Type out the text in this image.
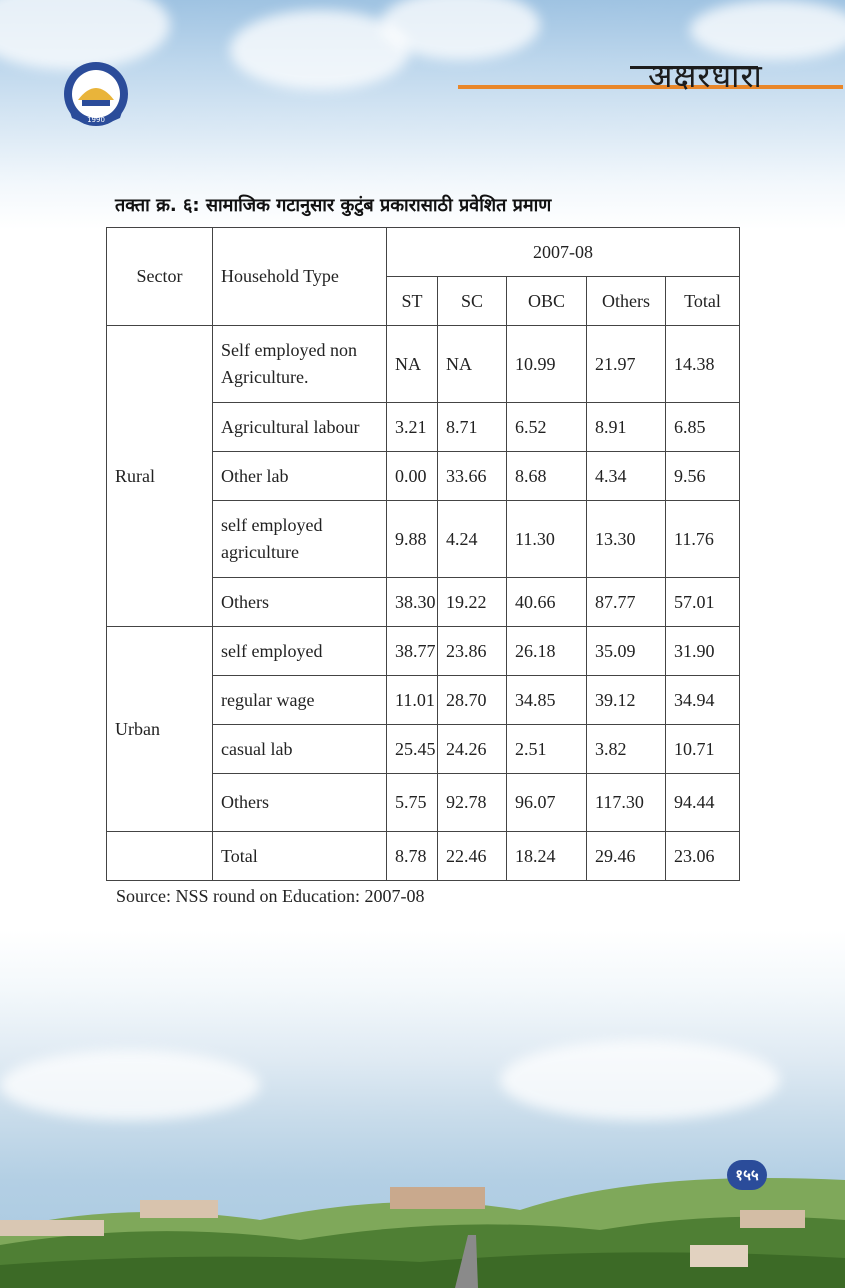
1990
अक्षरधारा
तक्ता क्र. ६: सामाजिक गटानुसार कुटुंब प्रकारासाठी प्रवेशित प्रमाण
Sector	Household Type	2007-08				
		ST	SC	OBC	Others	Total
Rural	Self employed non Agriculture.	NA	NA	10.99	21.97	14.38
	Agricultural labour	3.21	8.71	6.52	8.91	6.85
	Other lab	0.00	33.66	8.68	4.34	9.56
	self employed agriculture	9.88	4.24	11.30	13.30	11.76
	Others	38.30	19.22	40.66	87.77	57.01
Urban	self employed	38.77	23.86	26.18	35.09	31.90
	regular wage	11.01	28.70	34.85	39.12	34.94
	casual lab	25.45	24.26	2.51	3.82	10.71
	Others	5.75	92.78	96.07	117.30	94.44
	Total	8.78	22.46	18.24	29.46	23.06
Source: NSS round on Education: 2007-08
१५५
